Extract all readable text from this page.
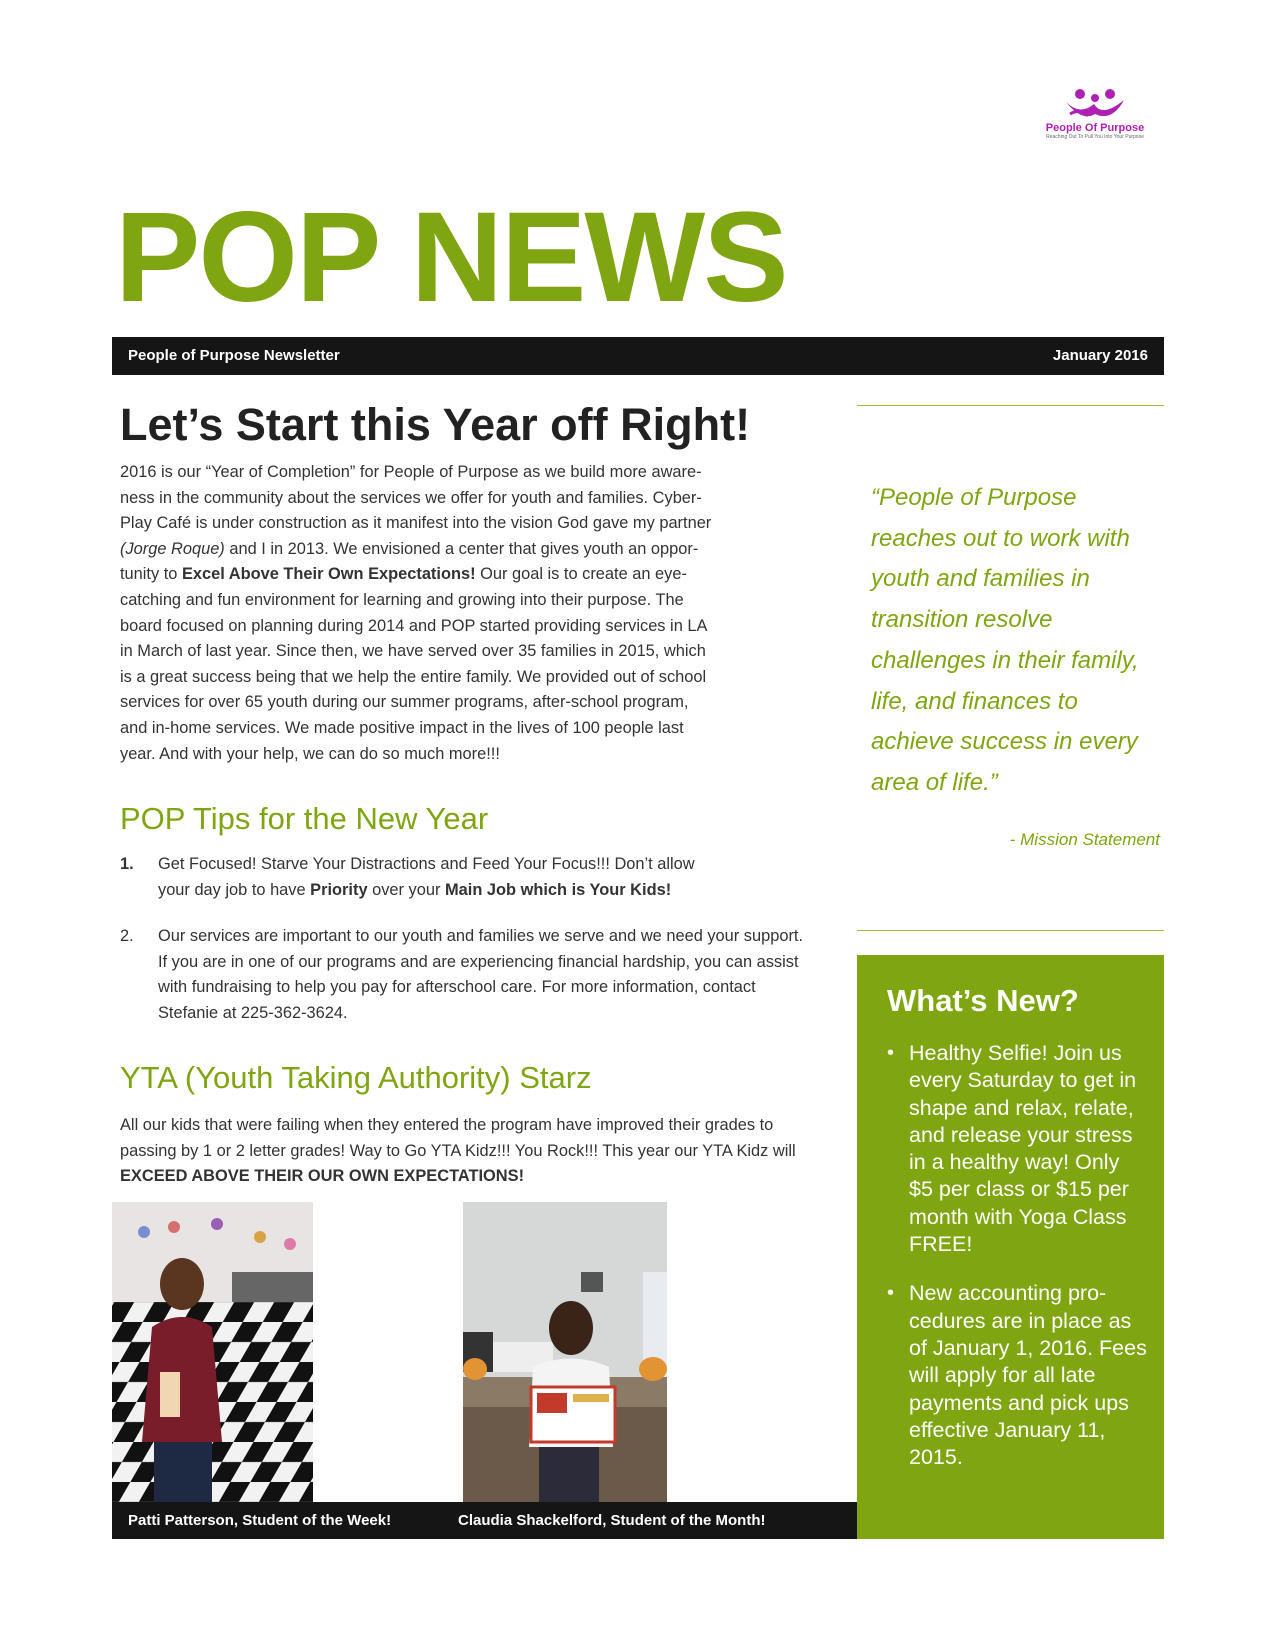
People Of Purpose
Reaching Out To Pull You Into Your Purpose
POP NEWS
People of Purpose Newsletter	January 2016
Let’s Start this Year off Right!

2016 is our “Year of Completion” for People of Purpose as we build more aware-
ness in the community about the services we offer for youth and families. Cyber-
Play Café is under construction as it manifest into the vision God gave my partner
(Jorge Roque) and I in 2013. We envisioned a center that gives youth an oppor-
tunity to Excel Above Their Own Expectations! Our goal is to create an eye-
catching and fun environment for learning and growing into their purpose. The
board focused on planning during 2014 and POP started providing services in LA
in March of last year. Since then, we have served over 35 families in 2015, which
is a great success being that we help the entire family. We provided out of school
services for over 65 youth during our summer programs, after-school program,
and in-home services. We made positive impact in the lives of 100 people last
year. And with your help, we can do so much more!!!

POP Tips for the New Year
1. Get Focused! Starve Your Distractions and Feed Your Focus!!! Don’t allow
your day job to have Priority over your Main Job which is Your Kids!
2. Our services are important to our youth and families we serve and we need your support. If you are in one of our programs and are experiencing financial hardship, you can assist with fundraising to help you pay for afterschool care. For more information, contact Stefanie at 225-362-3624.
YTA (Youth Taking Authority) Starz

All our kids that were failing when they entered the program have improved their grades to passing by 1 or 2 letter grades! Way to Go YTA Kidz!!! You Rock!!! This year our YTA Kidz will EXCEED ABOVE THEIR OUR OWN EXPECTATIONS!

Patti Patterson, Student of the Week!	Claudia Shackelford, Student of the Month!

“People of Purpose reaches out to work with youth and families in transition resolve challenges in their family, life, and finances to achieve success in every area of life.”

- Mission Statement

What’s New?
• Healthy Selfie! Join us every Saturday to get in shape and relax, relate, and release your stress in a healthy way! Only $5 per class or $15 per month with Yoga Class FREE!
• New accounting pro-cedures are in place as of January 1, 2016. Fees will apply for all late payments and pick ups effective January 11, 2015.
